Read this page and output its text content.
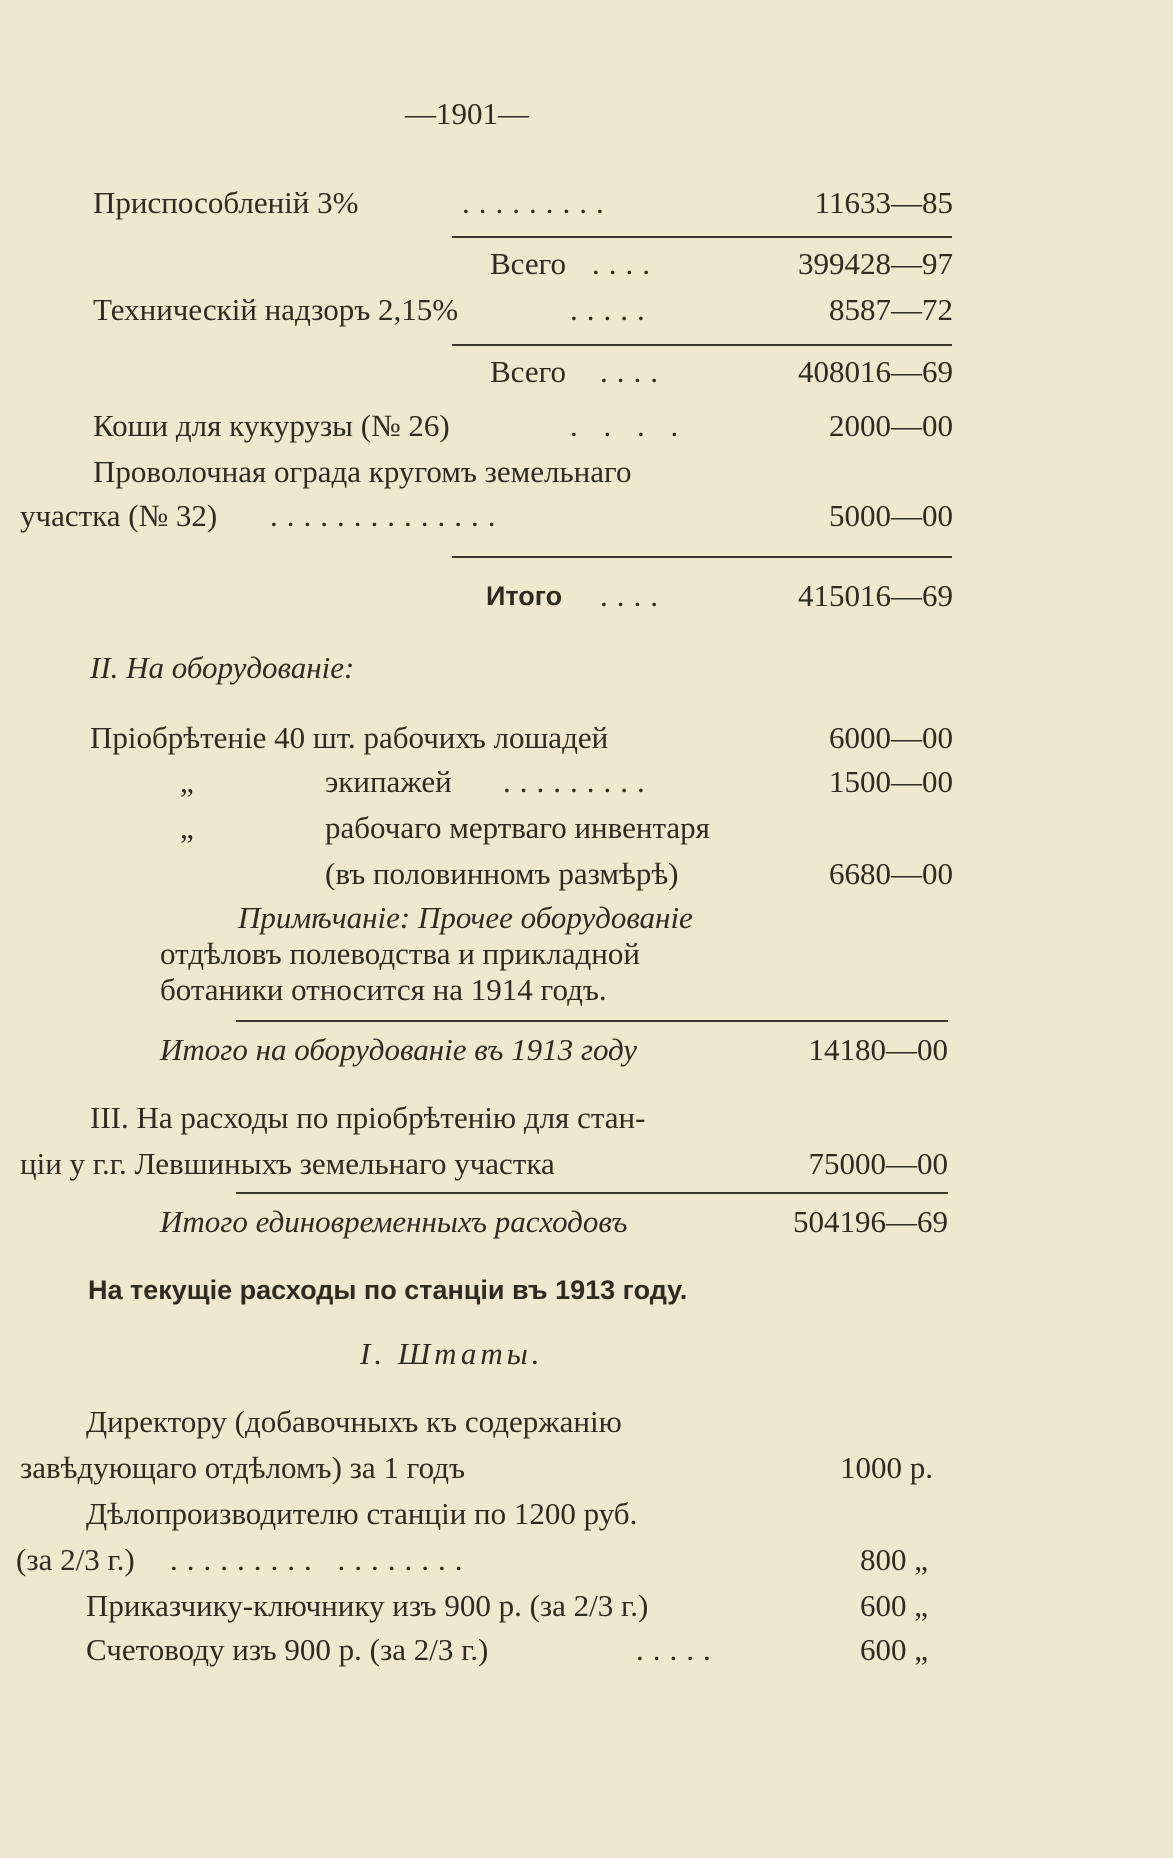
—1901—
Приспособленій 3%	.........	11633—85
Всего ....	399428—97
Техническій надзоръ 2,15%	.....	8587—72
Всего ....	408016—69
Коши для кукурузы (№ 26)	. . . .	2000—00
Проволочная ограда кругомъ земельнаго
участка (№ 32) ..............	5000—00
Итого ....	415016—69
II. На оборудованіе:
Пріобрѣтеніе 40 шт. рабочихъ лошадей	6000—00
„	экипажей .........	1500—00
„	рабочаго мертваго инвентаря
(въ половинномъ размѣрѣ)	6680—00
Примѣчаніе: Прочее оборудованіе
отдѣловъ полеводства и прикладной
ботаники относится на 1914 годъ.
Итого на оборудованіе въ 1913 году	14180—00
III. На расходы по пріобрѣтенію для стан-
ціи у г.г. Левшиныхъ земельнаго участка	75000—00
Итого единовременныхъ расходовъ	504196—69
На текущіе расходы по станціи въ 1913 году.
I. Штаты.
Директору (добавочныхъ къ содержанію
завѣдующаго отдѣломъ) за 1 годъ	1000 р.
Дѣлопроизводителю станціи по 1200 руб.
(за 2/3 г.) ......... ........	800 „
Приказчику-ключнику изъ 900 р. (за 2/3 г.)	600 „
Счетоводу изъ 900 р. (за 2/3 г.)	.....	600 „
